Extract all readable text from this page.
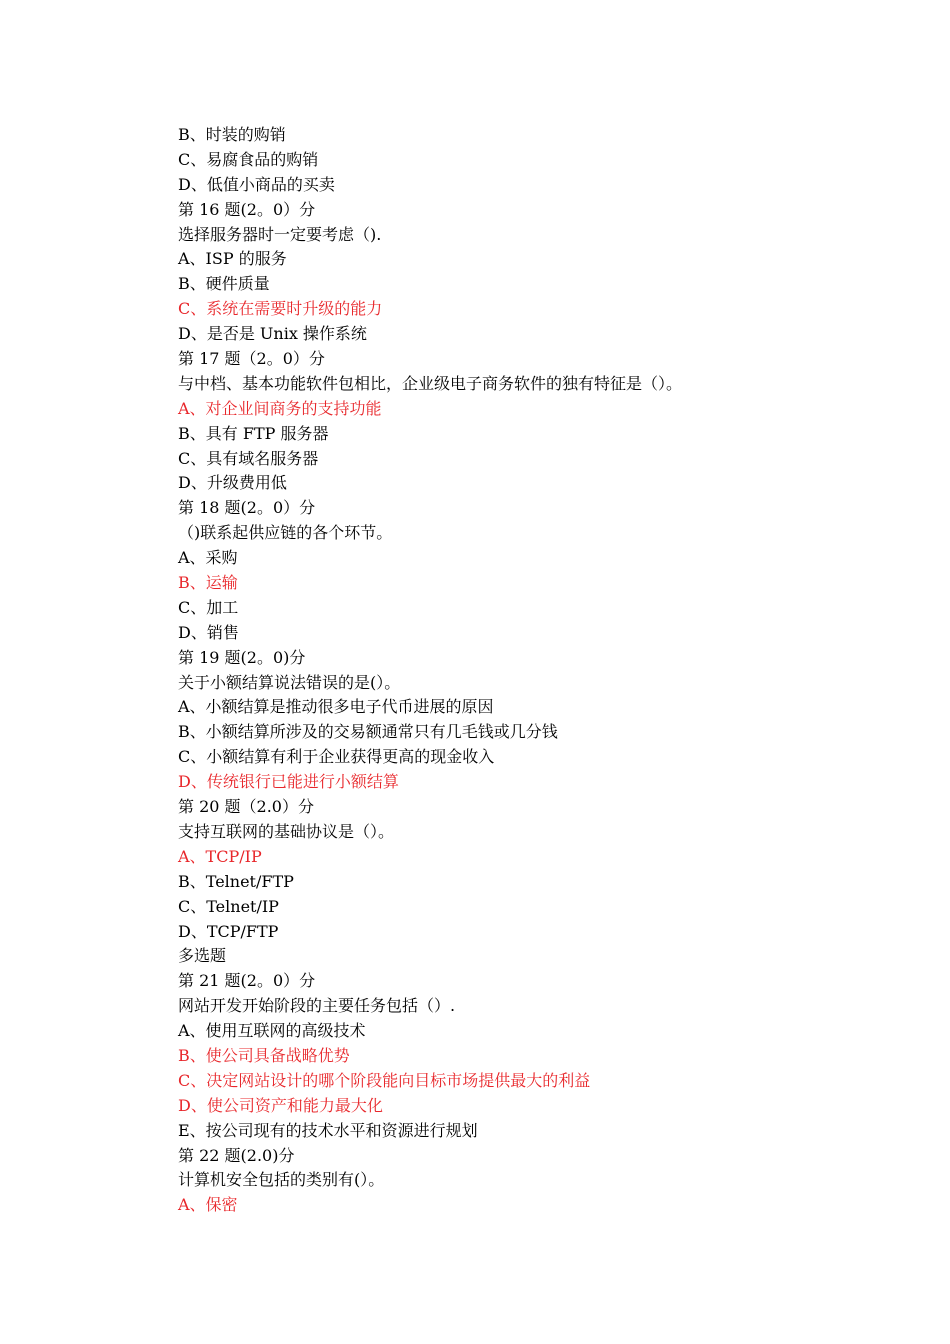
B、时装的购销
C、易腐食品的购销
D、低值小商品的买卖
第 16 题(2。0）分
选择服务器时一定要考虑（).
A、ISP 的服务
B、硬件质量
C、系统在需要时升级的能力
D、是否是 Unix 操作系统
第 17 题（2。0）分
与中档、基本功能软件包相比，企业级电子商务软件的独有特征是（）。
A、对企业间商务的支持功能
B、具有 FTP 服务器
C、具有域名服务器
D、升级费用低
第 18 题(2。0）分
（)联系起供应链的各个环节。
A、采购
B、运输
C、加工
D、销售
第 19 题(2。0)分
关于小额结算说法错误的是(）。
A、小额结算是推动很多电子代币进展的原因
B、小额结算所涉及的交易额通常只有几毛钱或几分钱
C、小额结算有利于企业获得更高的现金收入
D、传统银行已能进行小额结算
第 20 题（2.0）分
支持互联网的基础协议是（）。
A、TCP/IP
B、Telnet/FTP
C、Telnet/IP
D、TCP/FTP
多选题
第 21 题(2。0）分
网站开发开始阶段的主要任务包括（）.
A、使用互联网的高级技术
B、使公司具备战略优势
C、决定网站设计的哪个阶段能向目标市场提供最大的利益
D、使公司资产和能力最大化
E、按公司现有的技术水平和资源进行规划
第 22 题(2.0)分
计算机安全包括的类别有(）。
A、保密
